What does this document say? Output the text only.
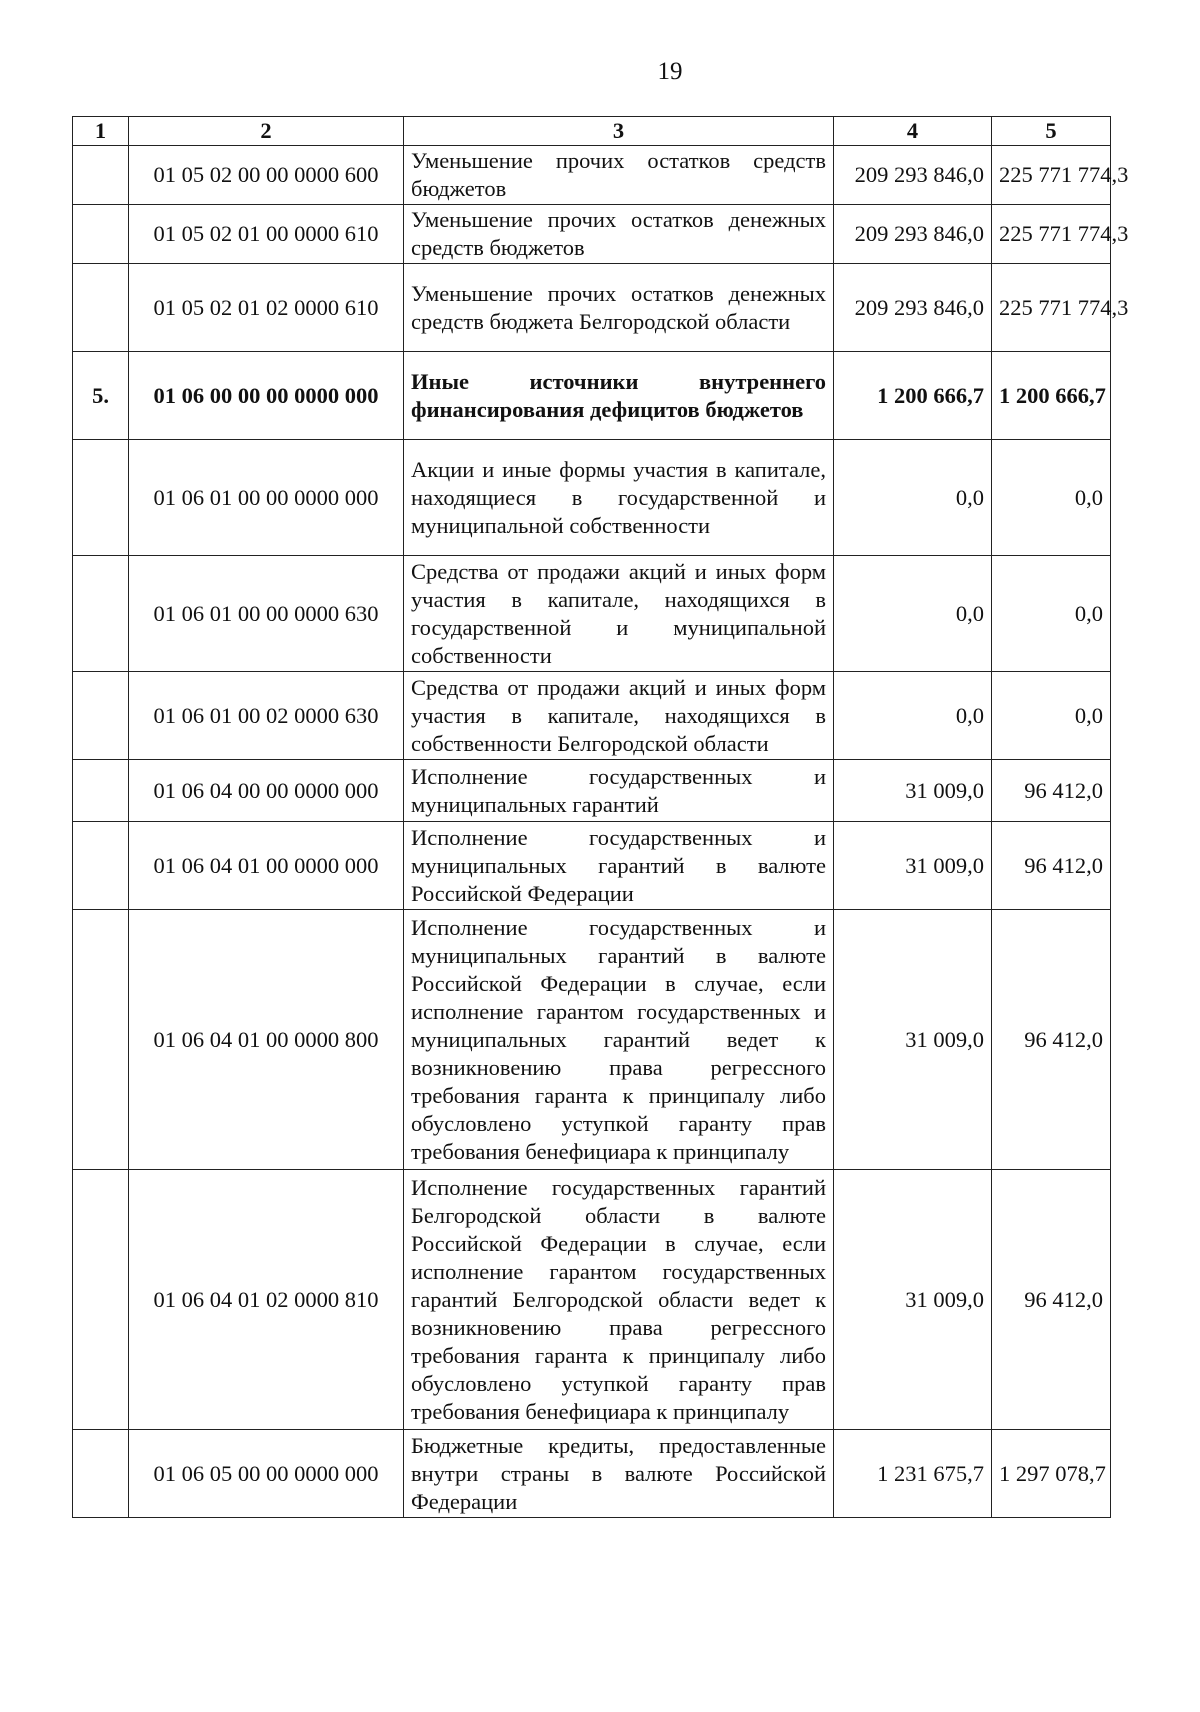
19
1	2	3	4	5
	01 05 02 00 00 0000 600	Уменьшение прочих остатков средств бюджетов	209 293 846,0	225 771 774,3
	01 05 02 01 00 0000 610	Уменьшение прочих остатков денежных средств бюджетов	209 293 846,0	225 771 774,3
	01 05 02 01 02 0000 610	Уменьшение прочих остатков денежных средств бюджета Белгородской области	209 293 846,0	225 771 774,3
5.	01 06 00 00 00 0000 000	Иные источники внутреннего финансирования дефицитов бюджетов	1 200 666,7	1 200 666,7
	01 06 01 00 00 0000 000	Акции и иные формы участия в капитале, находящиеся в государственной и муниципальной собственности	0,0	0,0
	01 06 01 00 00 0000 630	Средства от продажи акций и иных форм участия в капитале, находящихся в государственной и муниципальной собственности	0,0	0,0
	01 06 01 00 02 0000 630	Средства от продажи акций и иных форм участия в капитале, находящихся в собственности Белгородской области	0,0	0,0
	01 06 04 00 00 0000 000	Исполнение государственных и муниципальных гарантий	31 009,0	96 412,0
	01 06 04 01 00 0000 000	Исполнение государственных и муниципальных гарантий в валюте Российской Федерации	31 009,0	96 412,0
	01 06 04 01 00 0000 800	Исполнение государственных и муниципальных гарантий в валюте Российской Федерации в случае, если исполнение гарантом государственных и муниципальных гарантий ведет к возникновению права регрессного требования гаранта к принципалу либо обусловлено уступкой гаранту прав требования бенефициара к принципалу	31 009,0	96 412,0
	01 06 04 01 02 0000 810	Исполнение государственных гарантий Белгородской области в валюте Российской Федерации в случае, если исполнение гарантом государственных гарантий Белгородской области ведет к возникновению права регрессного требования гаранта к принципалу либо обусловлено уступкой гаранту прав требования бенефициара к принципалу	31 009,0	96 412,0
	01 06 05 00 00 0000 000	Бюджетные кредиты, предоставленные внутри страны в валюте Российской Федерации	1 231 675,7	1 297 078,7
